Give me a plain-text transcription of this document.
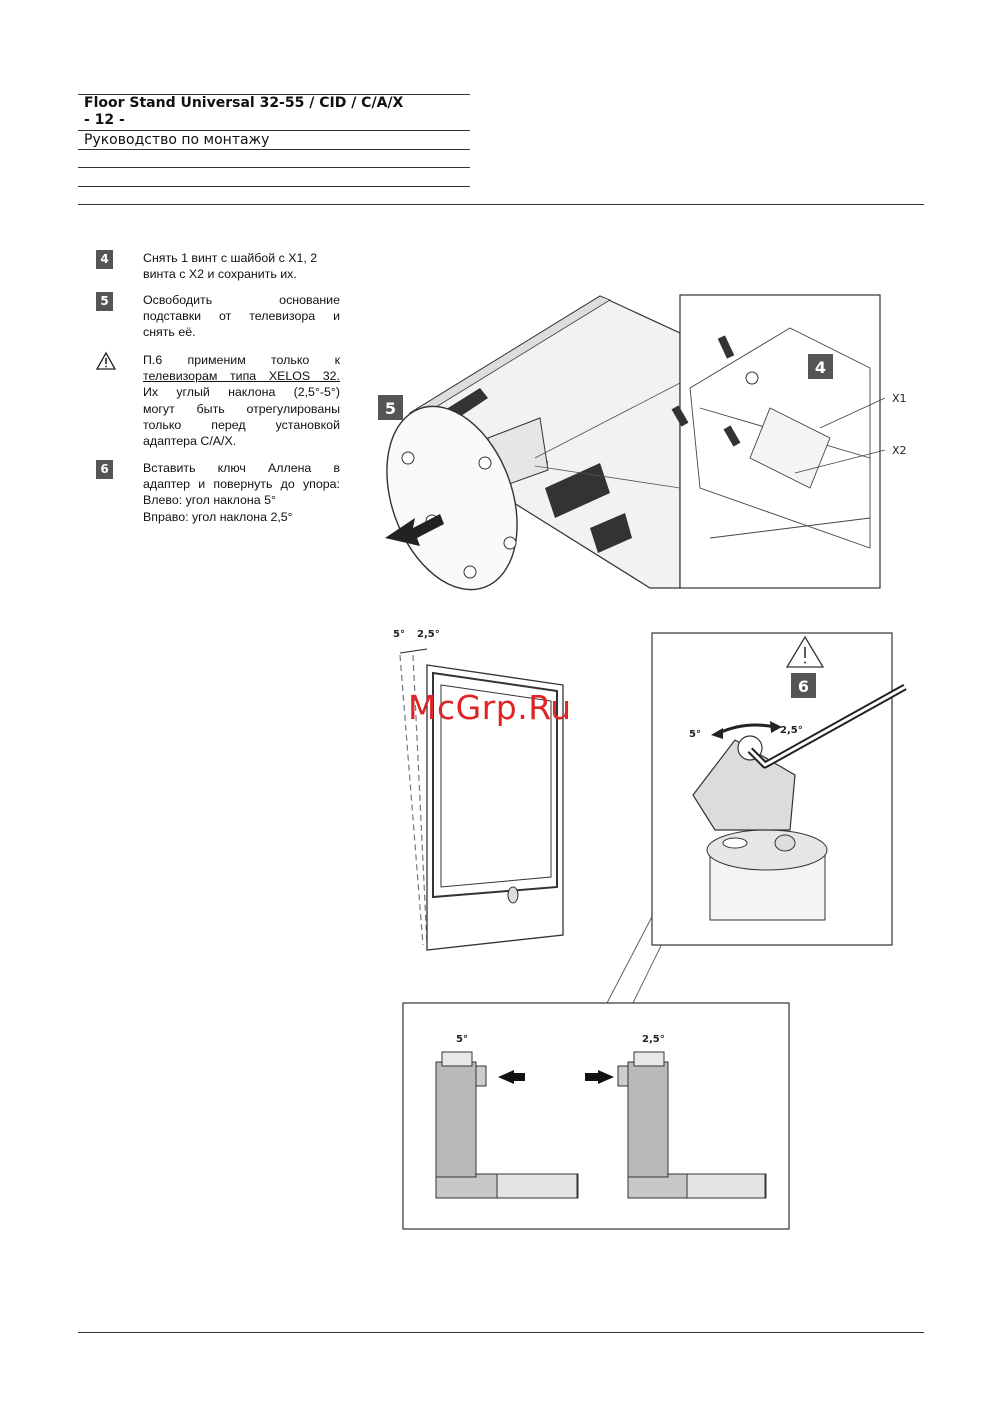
Floor Stand Universal 32-55 / CID / C/A/X
- 12 -
Руководство по монтажу
4	Снять 1 винт с шайбой с X1, 2
винта с X2 и сохранить их.
5	Освободить основание
подставки от телевизора и
снять её.
П.6 применим только к
телевизорам типа XELOS 32.
Их углый наклона (2,5°-5°)
могут быть отрегулированы
только перед установкой
адаптера C/A/X.
6	Вставить ключ Аллена в
адаптер и повернуть до упора:
Влево: угол наклона 5°
Вправо: угол наклона 2,5°
5
4
X1
X2
5° 2,5°
6
5°	2,5°
5°	2,5°
McGrp.Ru
